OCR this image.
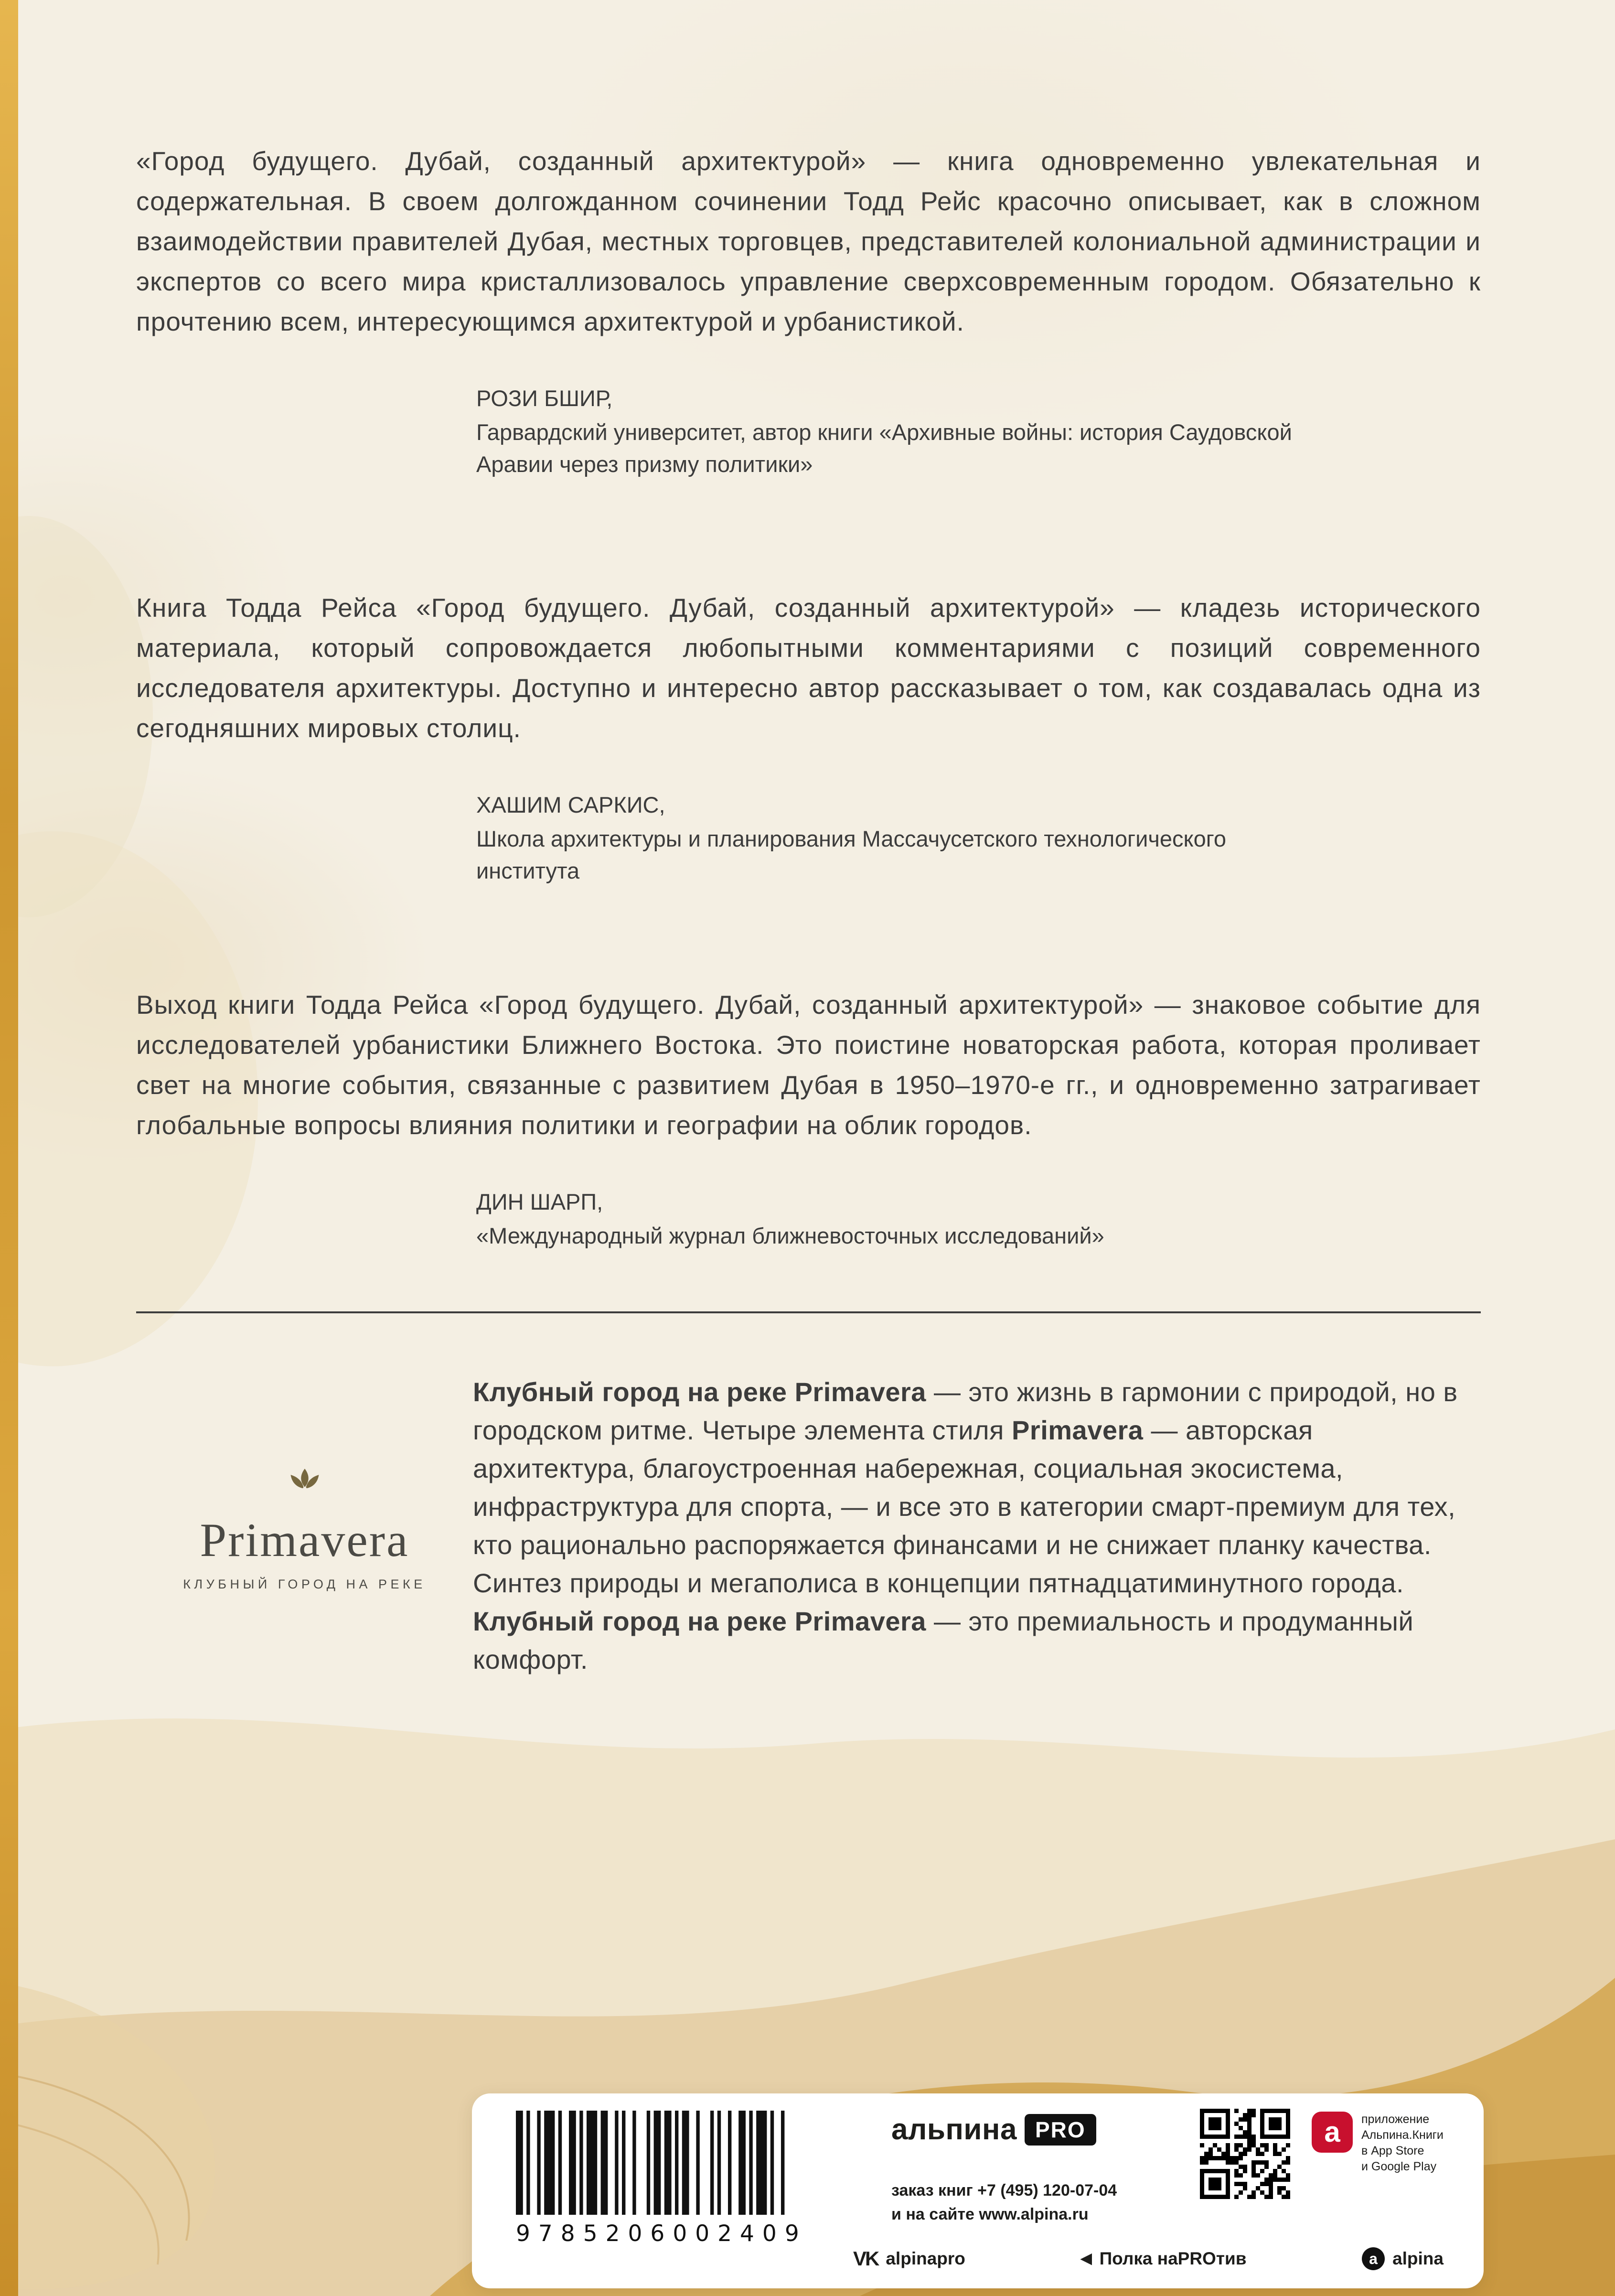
«Город будущего. Дубай, созданный архитектурой» — книга одновременно увлекательная и содержательная. В своем долгожданном сочинении Тодд Рейс красочно описывает, как в сложном взаимодействии правителей Дубая, местных торговцев, представителей колониальной администрации и экспертов со всего мира кристаллизовалось управление сверхсовременным городом. Обязательно к прочтению всем, интересующимся архитектурой и урбанистикой.

РОЗИ БШИР,
Гарвардский университет, автор книги «Архивные войны: история Саудовской Аравии через призму политики»

Книга Тодда Рейса «Город будущего. Дубай, созданный архитектурой» — кладезь исторического материала, который сопровождается любопытными комментариями с позиций современного исследователя архитектуры. Доступно и интересно автор рассказывает о том, как создавалась одна из сегодняшних мировых столиц.

ХАШИМ САРКИС,
Школа архитектуры и планирования Массачусетского технологического института

Выход книги Тодда Рейса «Город будущего. Дубай, созданный архитектурой» — знаковое событие для исследователей урбанистики Ближнего Востока. Это поистине новаторская работа, которая проливает свет на многие события, связанные с развитием Дубая в 1950–1970-е гг., и одновременно затрагивает глобальные вопросы влияния политики и географии на облик городов.

ДИН ШАРП,
«Международный журнал ближневосточных исследований»
Primavera
КЛУБНЫЙ ГОРОД НА РЕКЕ

Клубный город на реке Primavera — это жизнь в гармонии с природой, но в городском ритме. Четыре элемента стиля Primavera — авторская архитектура, благоустроенная набережная, социальная экосистема, инфраструктура для спорта, — и все это в категории смарт-премиум для тех, кто рационально распоряжается финансами и не снижает планку качества.

Синтез природы и мегаполиса в концепции пятнадцатиминутного города.

Клубный город на реке Primavera — это премиальность и продуманный комфорт.

9785206002409
альпина PRO
заказ книг +7 (495) 120-07-04
и на сайте www.alpina.ru
a	приложение
Альпина.Книги
в App Store
и Google Play
VK alpinapro	◀ Полка наPROтив	a alpina
